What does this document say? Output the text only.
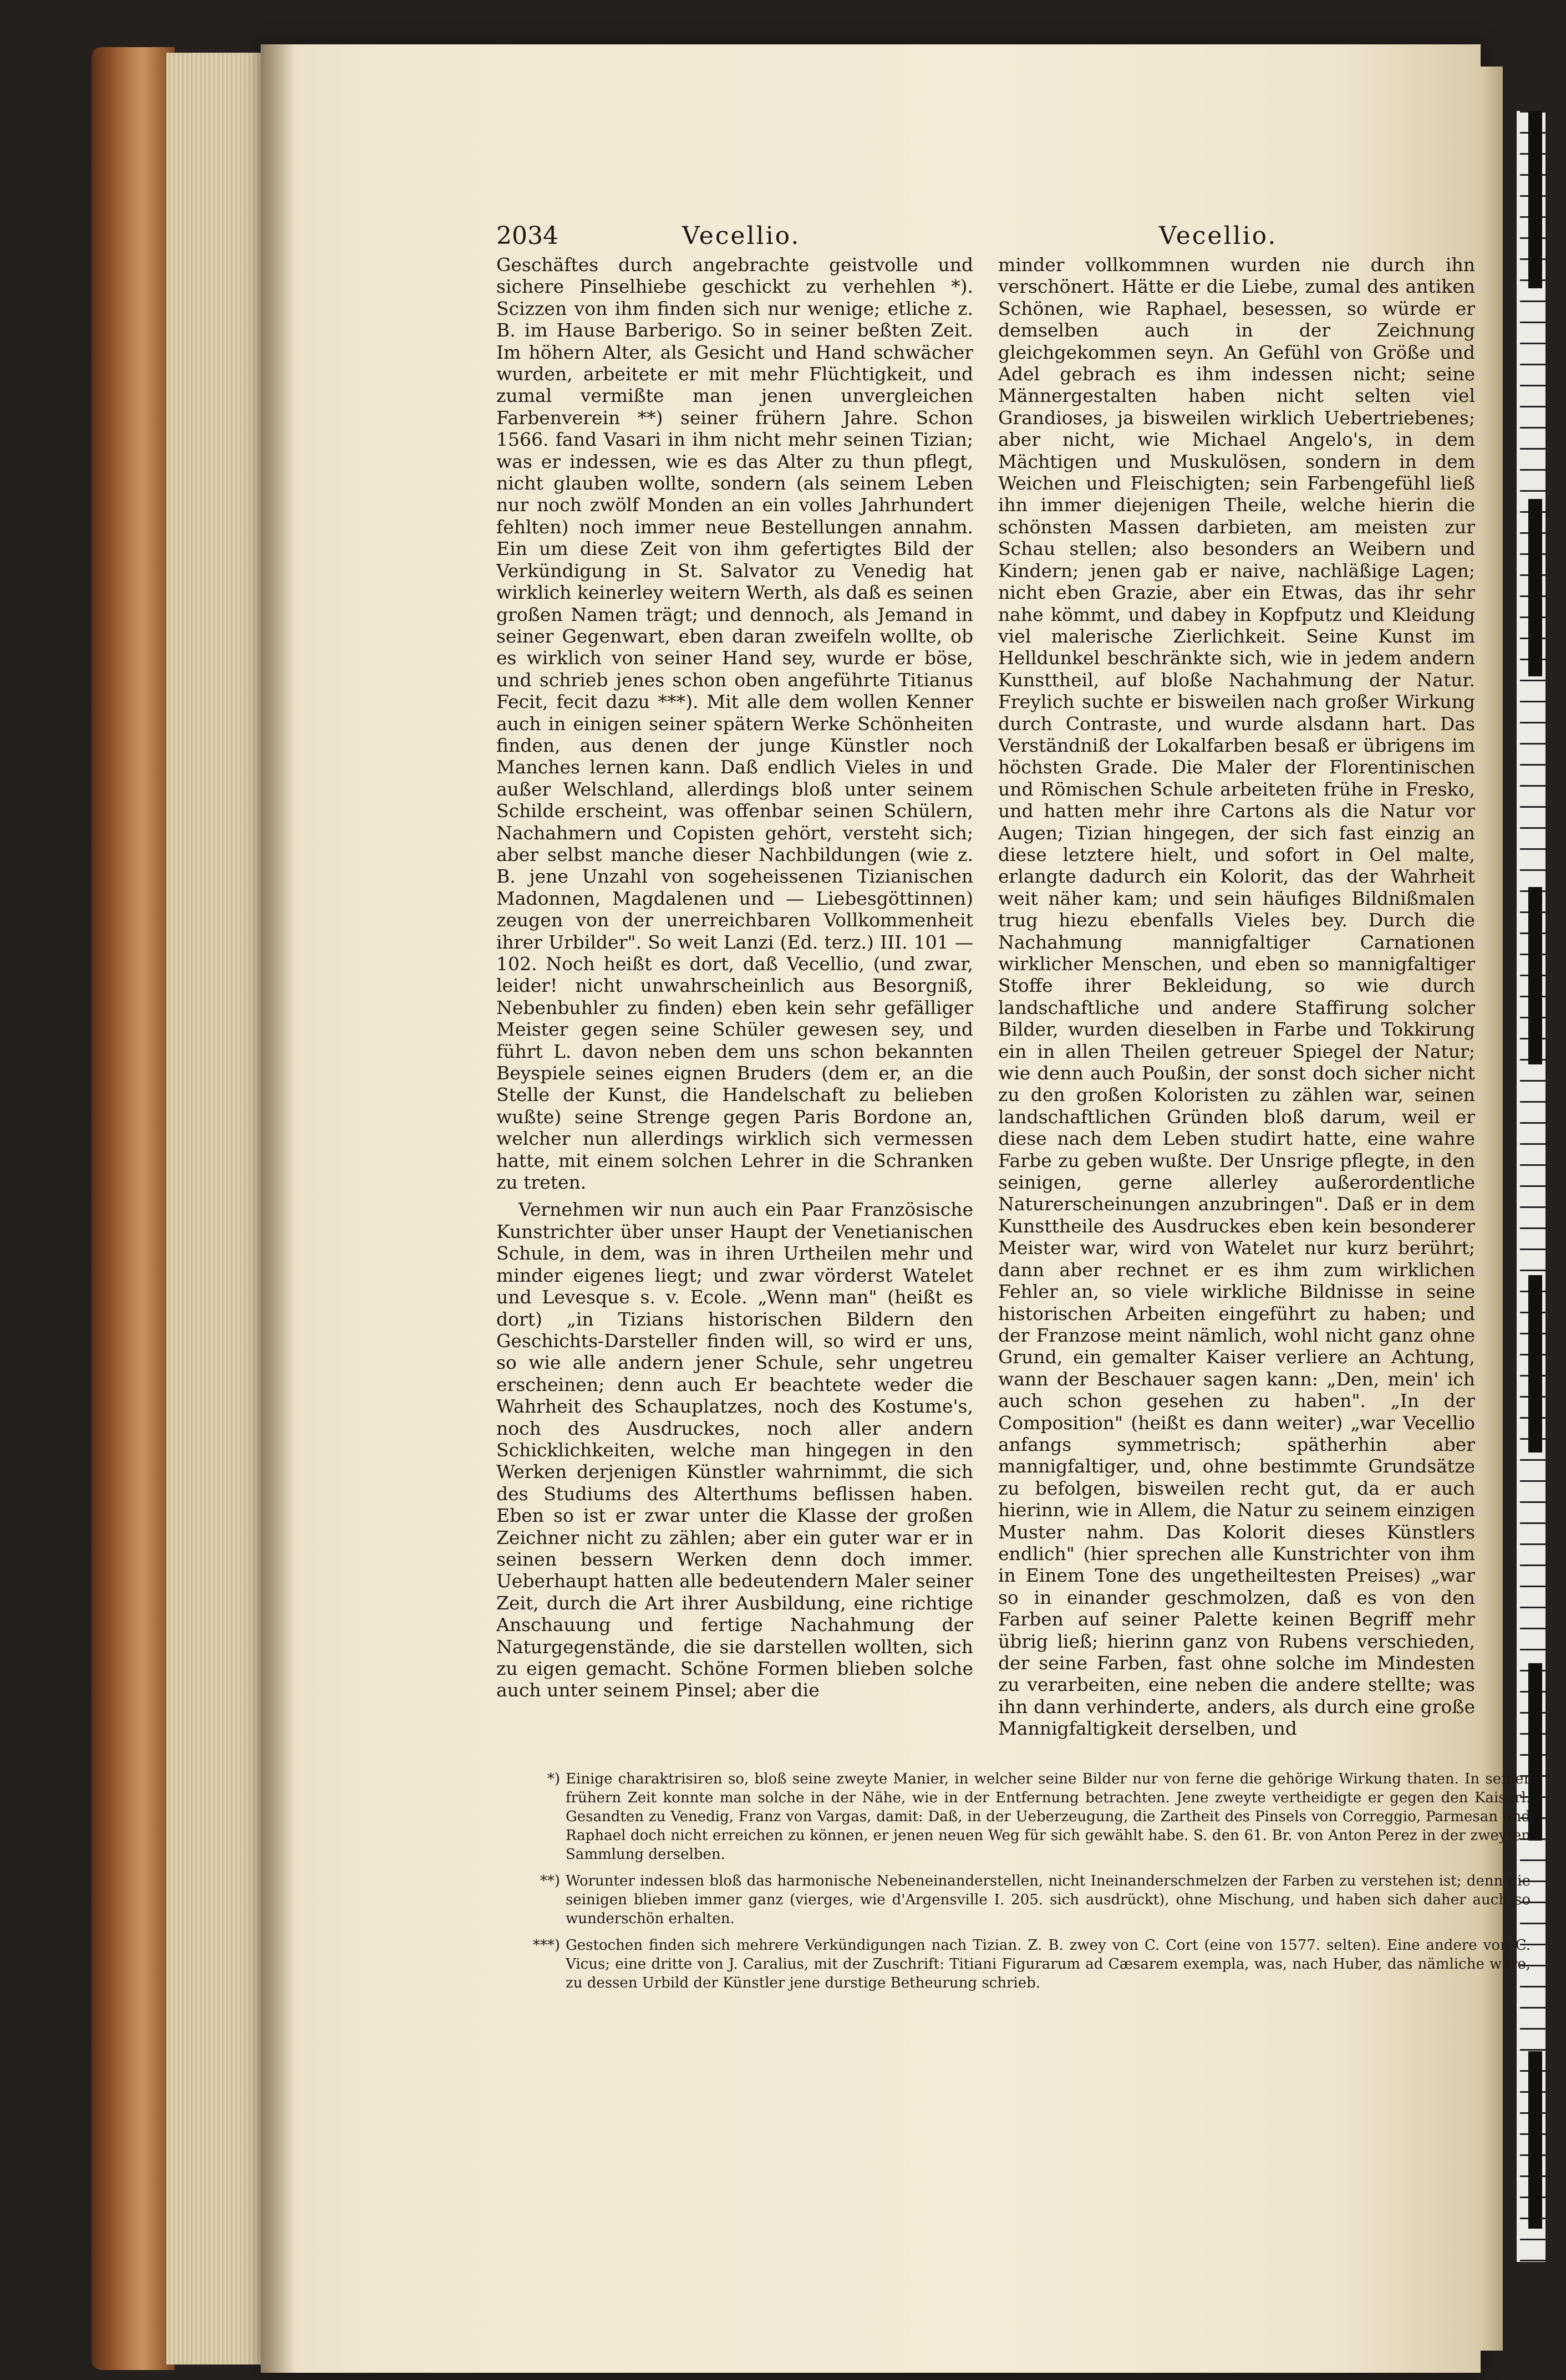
2034	Vecellio.	Vecellio.

Geschäftes durch angebrachte geistvolle und sichere Pinselhiebe geschickt zu verhehlen *). Scizzen von ihm finden sich nur wenige; etliche z. B. im Hause Barberigo. So in seiner beßten Zeit. Im höhern Alter, als Gesicht und Hand schwächer wurden, arbeitete er mit mehr Flüchtigkeit, und zumal vermißte man jenen unvergleichen Farbenverein **) seiner frühern Jahre. Schon 1566. fand Vasari in ihm nicht mehr seinen Tizian; was er indessen, wie es das Alter zu thun pflegt, nicht glauben wollte, sondern (als seinem Leben nur noch zwölf Monden an ein volles Jahrhundert fehlten) noch immer neue Bestellungen annahm. Ein um diese Zeit von ihm gefertigtes Bild der Verkündigung in St. Salvator zu Venedig hat wirklich keinerley weitern Werth, als daß es seinen großen Namen trägt; und dennoch, als Jemand in seiner Gegenwart, eben daran zweifeln wollte, ob es wirklich von seiner Hand sey, wurde er böse, und schrieb jenes schon oben angeführte Titianus Fecit, fecit dazu ***). Mit alle dem wollen Kenner auch in einigen seiner spätern Werke Schönheiten finden, aus denen der junge Künstler noch Manches lernen kann. Daß endlich Vieles in und außer Welschland, allerdings bloß unter seinem Schilde erscheint, was offenbar seinen Schülern, Nachahmern und Copisten gehört, versteht sich; aber selbst manche dieser Nachbildungen (wie z. B. jene Unzahl von sogeheissenen Tizianischen Madonnen, Magdalenen und — Liebesgöttinnen) zeugen von der unerreichbaren Vollkommenheit ihrer Urbilder". So weit Lanzi (Ed. terz.) III. 101 — 102. Noch heißt es dort, daß Vecellio, (und zwar, leider! nicht unwahrscheinlich aus Besorgniß, Nebenbuhler zu finden) eben kein sehr gefälliger Meister gegen seine Schüler gewesen sey, und führt L. davon neben dem uns schon bekannten Beyspiele seines eignen Bruders (dem er, an die Stelle der Kunst, die Handelschaft zu belieben wußte) seine Strenge gegen Paris Bordone an, welcher nun allerdings wirklich sich vermessen hatte, mit einem solchen Lehrer in die Schranken zu treten.

Vernehmen wir nun auch ein Paar Französische Kunstrichter über unser Haupt der Venetianischen Schule, in dem, was in ihren Urtheilen mehr und minder eigenes liegt; und zwar vörderst Watelet und Levesque s. v. Ecole. „Wenn man" (heißt es dort) „in Tizians historischen Bildern den Geschichts-Darsteller finden will, so wird er uns, so wie alle andern jener Schule, sehr ungetreu erscheinen; denn auch Er beachtete weder die Wahrheit des Schauplatzes, noch des Kostume's, noch des Ausdruckes, noch aller andern Schicklichkeiten, welche man hingegen in den Werken derjenigen Künstler wahrnimmt, die sich des Studiums des Alterthums beflissen haben. Eben so ist er zwar unter die Klasse der großen Zeichner nicht zu zählen; aber ein guter war er in seinen bessern Werken denn doch immer. Ueberhaupt hatten alle bedeutendern Maler seiner Zeit, durch die Art ihrer Ausbildung, eine richtige Anschauung und fertige Nachahmung der Naturgegenstände, die sie darstellen wollten, sich zu eigen gemacht. Schöne Formen blieben solche auch unter seinem Pinsel; aber die

minder vollkommnen wurden nie durch ihn verschönert. Hätte er die Liebe, zumal des antiken Schönen, wie Raphael, besessen, so würde er demselben auch in der Zeichnung gleichgekommen seyn. An Gefühl von Größe und Adel gebrach es ihm indessen nicht; seine Männergestalten haben nicht selten viel Grandioses, ja bisweilen wirklich Uebertriebenes; aber nicht, wie Michael Angelo's, in dem Mächtigen und Muskulösen, sondern in dem Weichen und Fleischigten; sein Farbengefühl ließ ihn immer diejenigen Theile, welche hierin die schönsten Massen darbieten, am meisten zur Schau stellen; also besonders an Weibern und Kindern; jenen gab er naive, nachläßige Lagen; nicht eben Grazie, aber ein Etwas, das ihr sehr nahe kömmt, und dabey in Kopfputz und Kleidung viel malerische Zierlichkeit. Seine Kunst im Helldunkel beschränkte sich, wie in jedem andern Kunsttheil, auf bloße Nachahmung der Natur. Freylich suchte er bisweilen nach großer Wirkung durch Contraste, und wurde alsdann hart. Das Verständniß der Lokalfarben besaß er übrigens im höchsten Grade. Die Maler der Florentinischen und Römischen Schule arbeiteten frühe in Fresko, und hatten mehr ihre Cartons als die Natur vor Augen; Tizian hingegen, der sich fast einzig an diese letztere hielt, und sofort in Oel malte, erlangte dadurch ein Kolorit, das der Wahrheit weit näher kam; und sein häufiges Bildnißmalen trug hiezu ebenfalls Vieles bey. Durch die Nachahmung mannigfaltiger Carnationen wirklicher Menschen, und eben so mannigfaltiger Stoffe ihrer Bekleidung, so wie durch landschaftliche und andere Staffirung solcher Bilder, wurden dieselben in Farbe und Tokkirung ein in allen Theilen getreuer Spiegel der Natur; wie denn auch Poußin, der sonst doch sicher nicht zu den großen Koloristen zu zählen war, seinen landschaftlichen Gründen bloß darum, weil er diese nach dem Leben studirt hatte, eine wahre Farbe zu geben wußte. Der Unsrige pflegte, in den seinigen, gerne allerley außerordentliche Naturerscheinungen anzubringen". Daß er in dem Kunsttheile des Ausdruckes eben kein besonderer Meister war, wird von Watelet nur kurz berührt; dann aber rechnet er es ihm zum wirklichen Fehler an, so viele wirkliche Bildnisse in seine historischen Arbeiten eingeführt zu haben; und der Franzose meint nämlich, wohl nicht ganz ohne Grund, ein gemalter Kaiser verliere an Achtung, wann der Beschauer sagen kann: „Den, mein' ich auch schon gesehen zu haben". „In der Composition" (heißt es dann weiter) „war Vecellio anfangs symmetrisch; spätherhin aber mannigfaltiger, und, ohne bestimmte Grundsätze zu befolgen, bisweilen recht gut, da er auch hierinn, wie in Allem, die Natur zu seinem einzigen Muster nahm. Das Kolorit dieses Künstlers endlich" (hier sprechen alle Kunstrichter von ihm in Einem Tone des ungetheiltesten Preises) „war so in einander geschmolzen, daß es von den Farben auf seiner Palette keinen Begriff mehr übrig ließ; hierinn ganz von Rubens verschieden, der seine Farben, fast ohne solche im Mindesten zu verarbeiten, eine neben die andere stellte; was ihn dann verhinderte, anders, als durch eine große Mannigfaltigkeit derselben, und

*) Einige charaktrisiren so, bloß seine zweyte Manier, in welcher seine Bilder nur von ferne die gehörige Wirkung thaten. In seiner frühern Zeit konnte man solche in der Nähe, wie in der Entfernung betrachten. Jene zweyte vertheidigte er gegen den Kaiserl. Gesandten zu Venedig, Franz von Vargas, damit: Daß, in der Ueberzeugung, die Zartheit des Pinsels von Correggio, Parmesan und Raphael doch nicht erreichen zu können, er jenen neuen Weg für sich gewählt habe. S. den 61. Br. von Anton Perez in der zweyten Sammlung derselben.
**) Worunter indessen bloß das harmonische Nebeneinanderstellen, nicht Ineinanderschmelzen der Farben zu verstehen ist; denn die seinigen blieben immer ganz (vierges, wie d'Argensville I. 205. sich ausdrückt), ohne Mischung, und haben sich daher auch so wunderschön erhalten.
***) Gestochen finden sich mehrere Verkündigungen nach Tizian. Z. B. zwey von C. Cort (eine von 1577. selten). Eine andere von C. Vicus; eine dritte von J. Caralius, mit der Zuschrift: Titiani Figurarum ad Cæsarem exempla, was, nach Huber, das nämliche wäre, zu dessen Urbild der Künstler jene durstige Betheurung schrieb.
